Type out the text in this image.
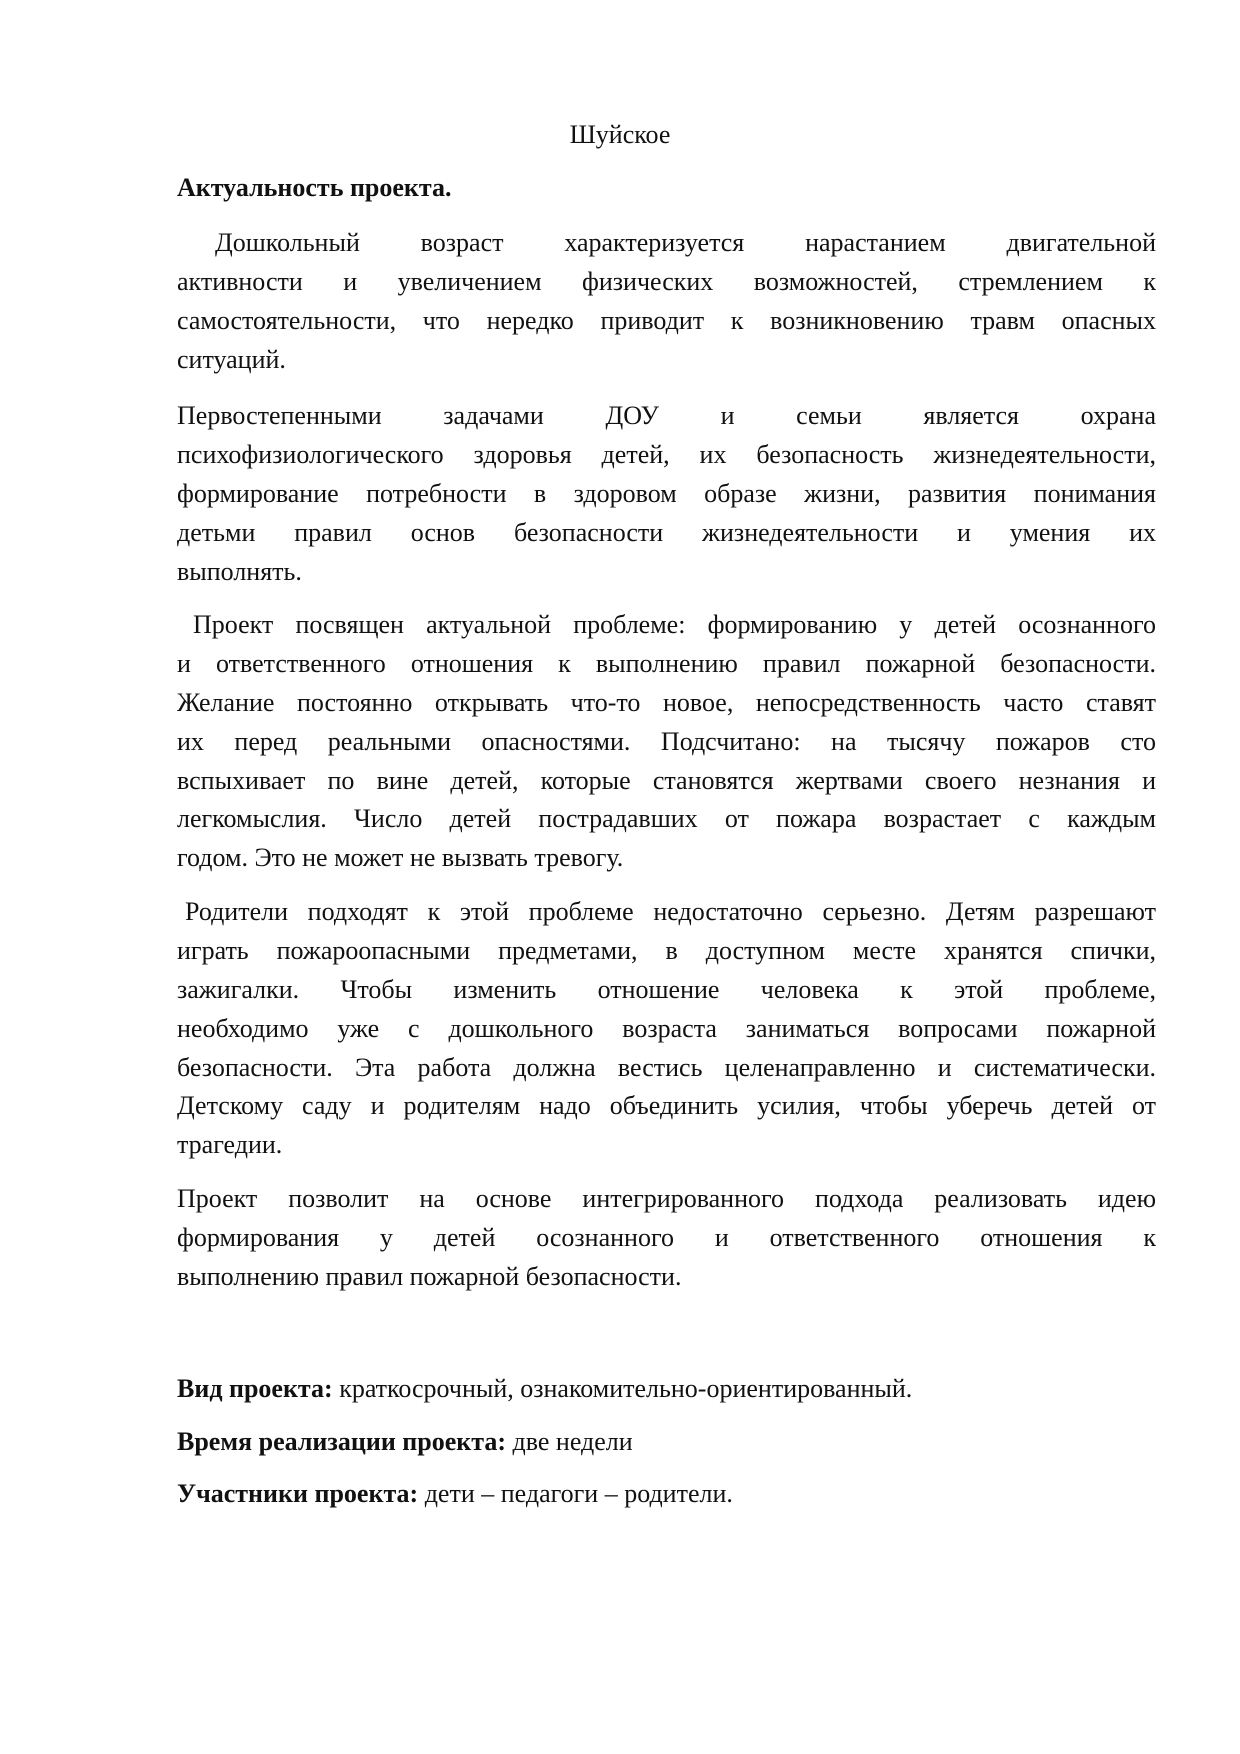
Шуйское
Актуальность проекта.
Дошкольный возраст характеризуется нарастанием двигательной
активности и увеличением физических возможностей, стремлением к
самостоятельности, что нередко приводит к возникновению травм опасных
ситуаций.
Первостепенными задачами ДОУ и семьи является охрана
психофизиологического здоровья детей, их безопасность жизнедеятельности,
формирование потребности в здоровом образе жизни, развития понимания
детьми правил основ безопасности жизнедеятельности и умения их
выполнять.
Проект посвящен актуальной проблеме: формированию у детей осознанного
и ответственного отношения к выполнению правил пожарной безопасности.
Желание постоянно открывать что-то новое, непосредственность часто ставят
их перед реальными опасностями. Подсчитано: на тысячу пожаров сто
вспыхивает по вине детей, которые становятся жертвами своего незнания и
легкомыслия. Число детей пострадавших от пожара возрастает с каждым
годом. Это не может не вызвать тревогу.
Родители подходят к этой проблеме недостаточно серьезно. Детям разрешают
играть пожароопасными предметами, в доступном месте хранятся спички,
зажигалки. Чтобы изменить отношение человека к этой проблеме,
необходимо уже с дошкольного возраста заниматься вопросами пожарной
безопасности. Эта работа должна вестись целенаправленно и систематически.
Детскому саду и родителям надо объединить усилия, чтобы уберечь детей от
трагедии.
Проект позволит на основе интегрированного подхода реализовать идею
формирования у детей осознанного и ответственного отношения к
выполнению правил пожарной безопасности.
Вид проекта: краткосрочный, ознакомительно-ориентированный.
Время реализации проекта: две недели
Участники проекта: дети – педагоги – родители.
